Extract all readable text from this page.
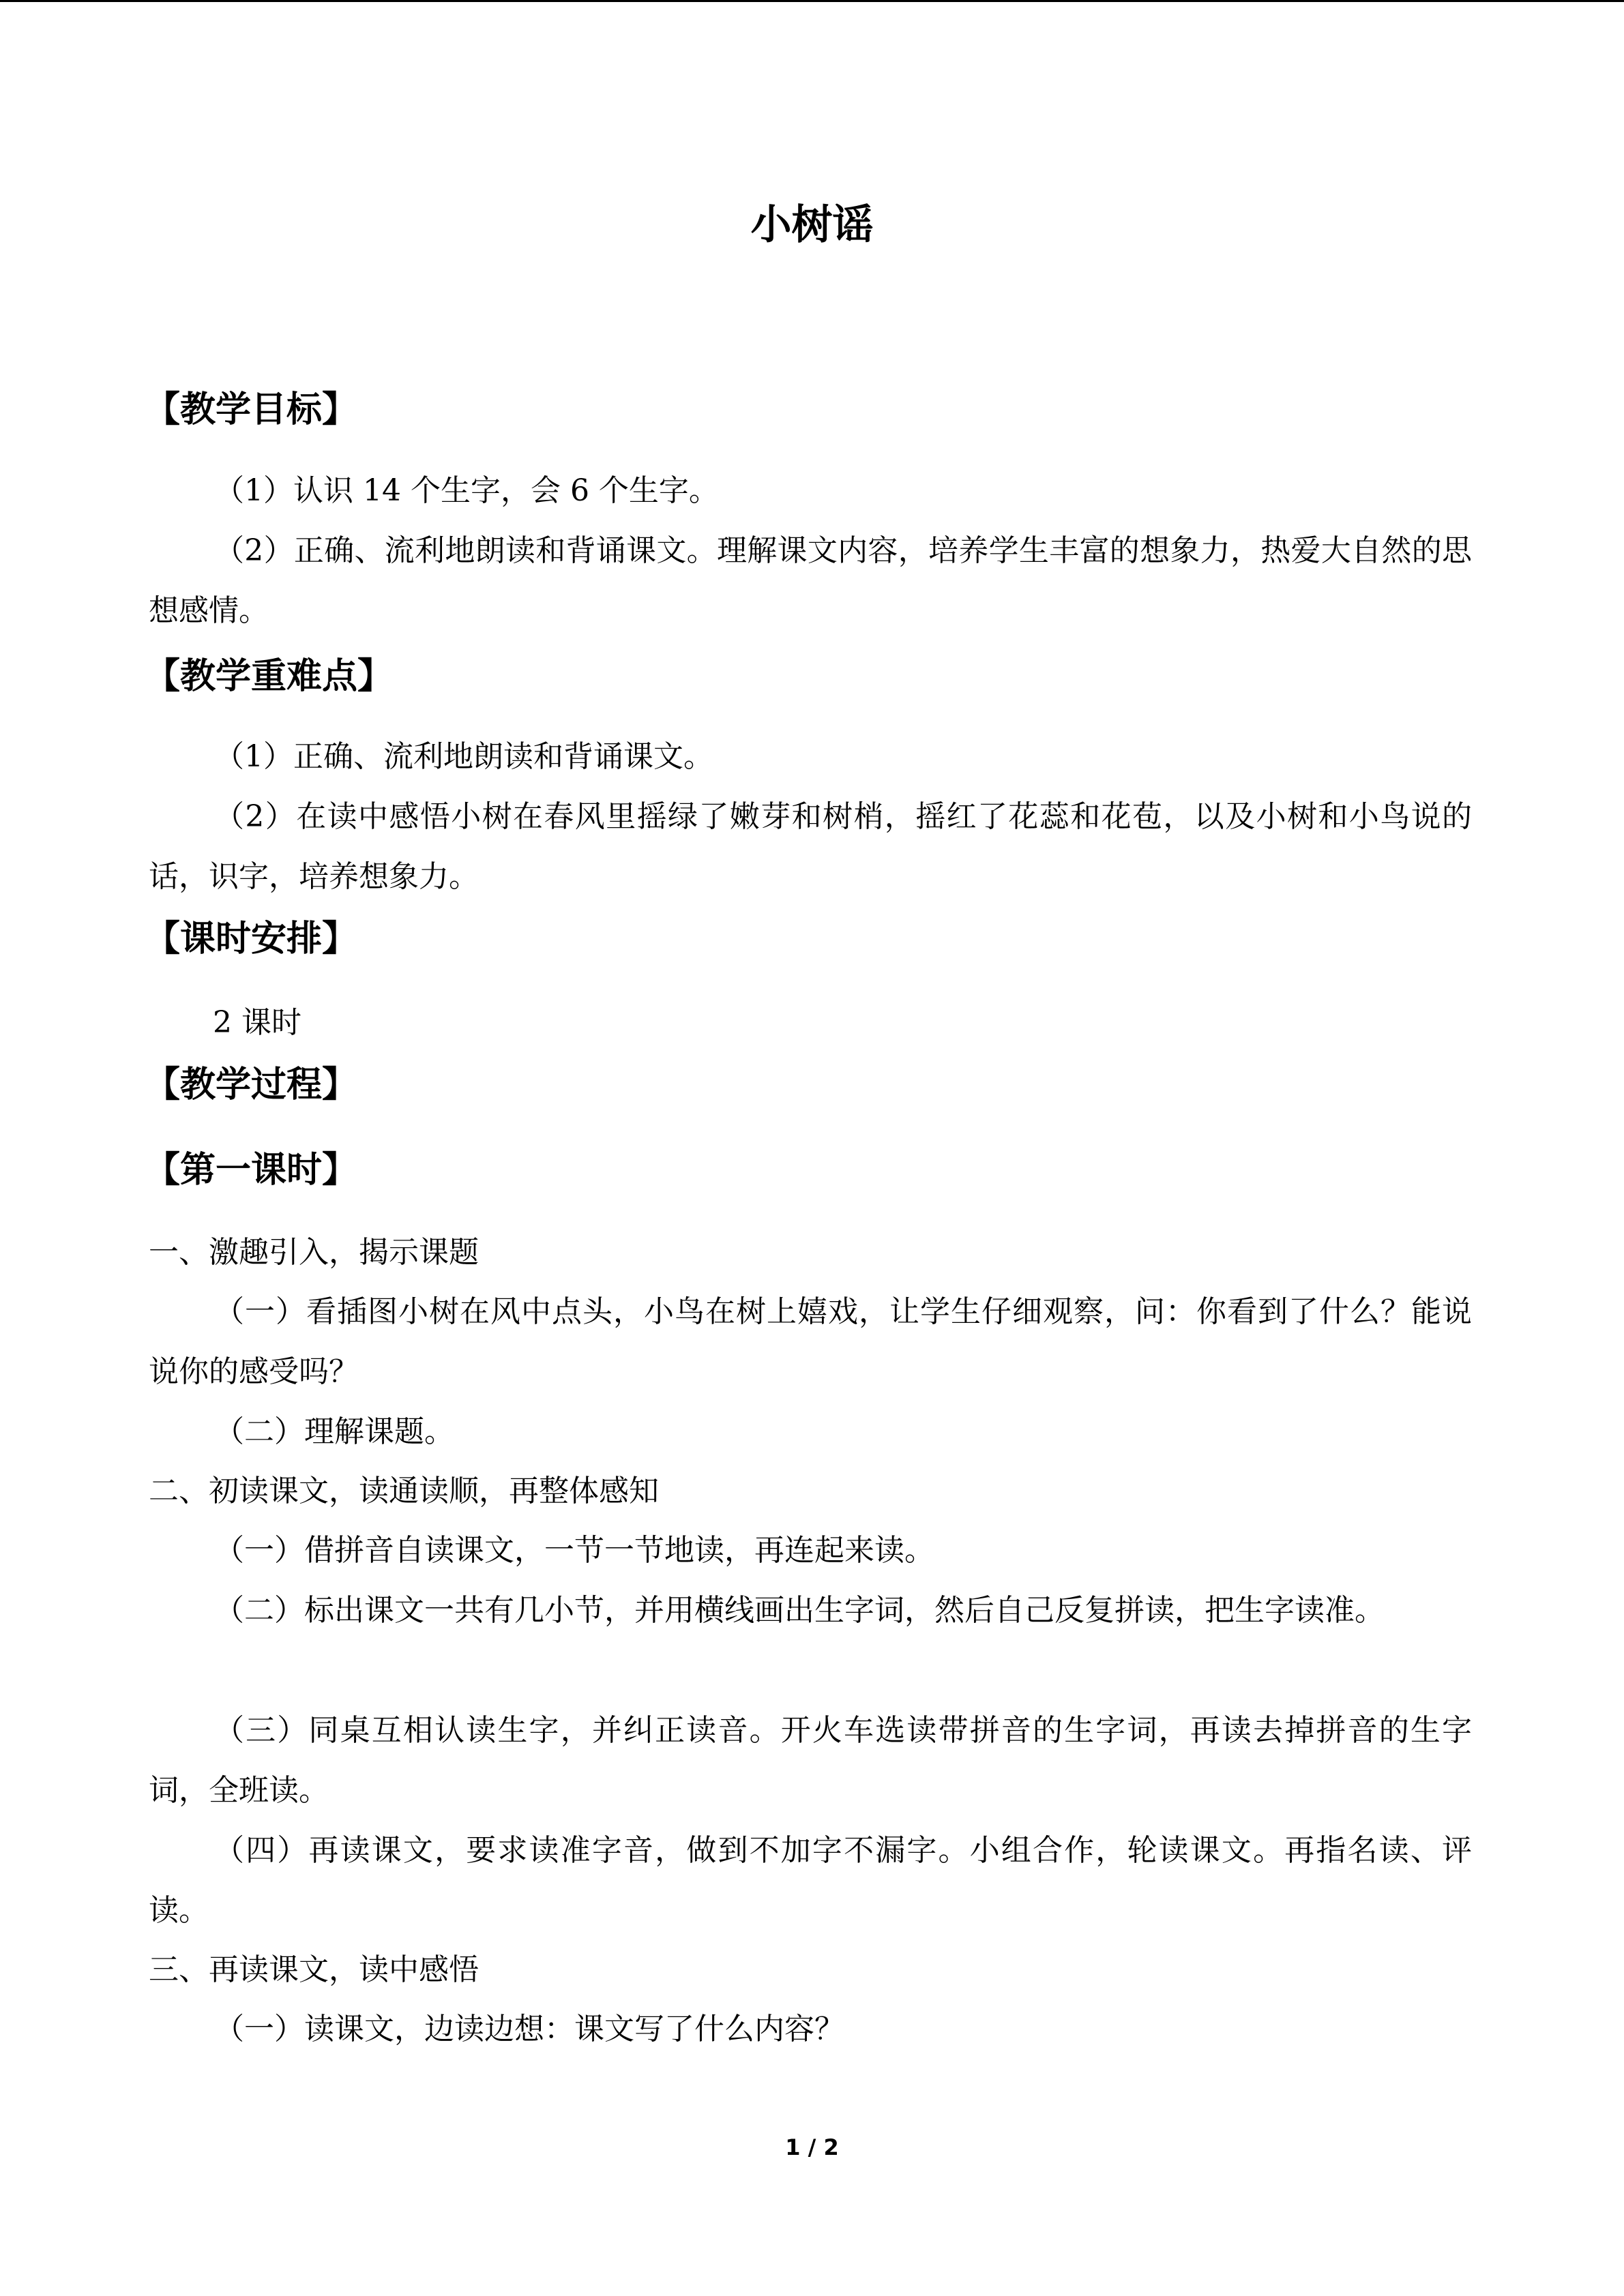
小树谣
【教学目标】
（1）认识 14 个生字，会 6 个生字。
（2）正确、流利地朗读和背诵课文。理解课文内容，培养学生丰富的想象力，热爱大自然的思想感情。
【教学重难点】
（1）正确、流利地朗读和背诵课文。
（2）在读中感悟小树在春风里摇绿了嫩芽和树梢，摇红了花蕊和花苞，以及小树和小鸟说的话，识字，培养想象力。
【课时安排】
2 课时
【教学过程】
【第一课时】
一、激趣引入，揭示课题
（一）看插图小树在风中点头，小鸟在树上嬉戏，让学生仔细观察，问：你看到了什么？能说说你的感受吗？
（二）理解课题。
二、初读课文，读通读顺，再整体感知
（一）借拼音自读课文，一节一节地读，再连起来读。
（二）标出课文一共有几小节，并用横线画出生字词，然后自己反复拼读，把生字读准。
（三）同桌互相认读生字，并纠正读音。开火车选读带拼音的生字词，再读去掉拼音的生字词，全班读。
（四）再读课文，要求读准字音，做到不加字不漏字。小组合作，轮读课文。再指名读、评读。
三、再读课文，读中感悟
（一）读课文，边读边想：课文写了什么内容？
1 / 2
